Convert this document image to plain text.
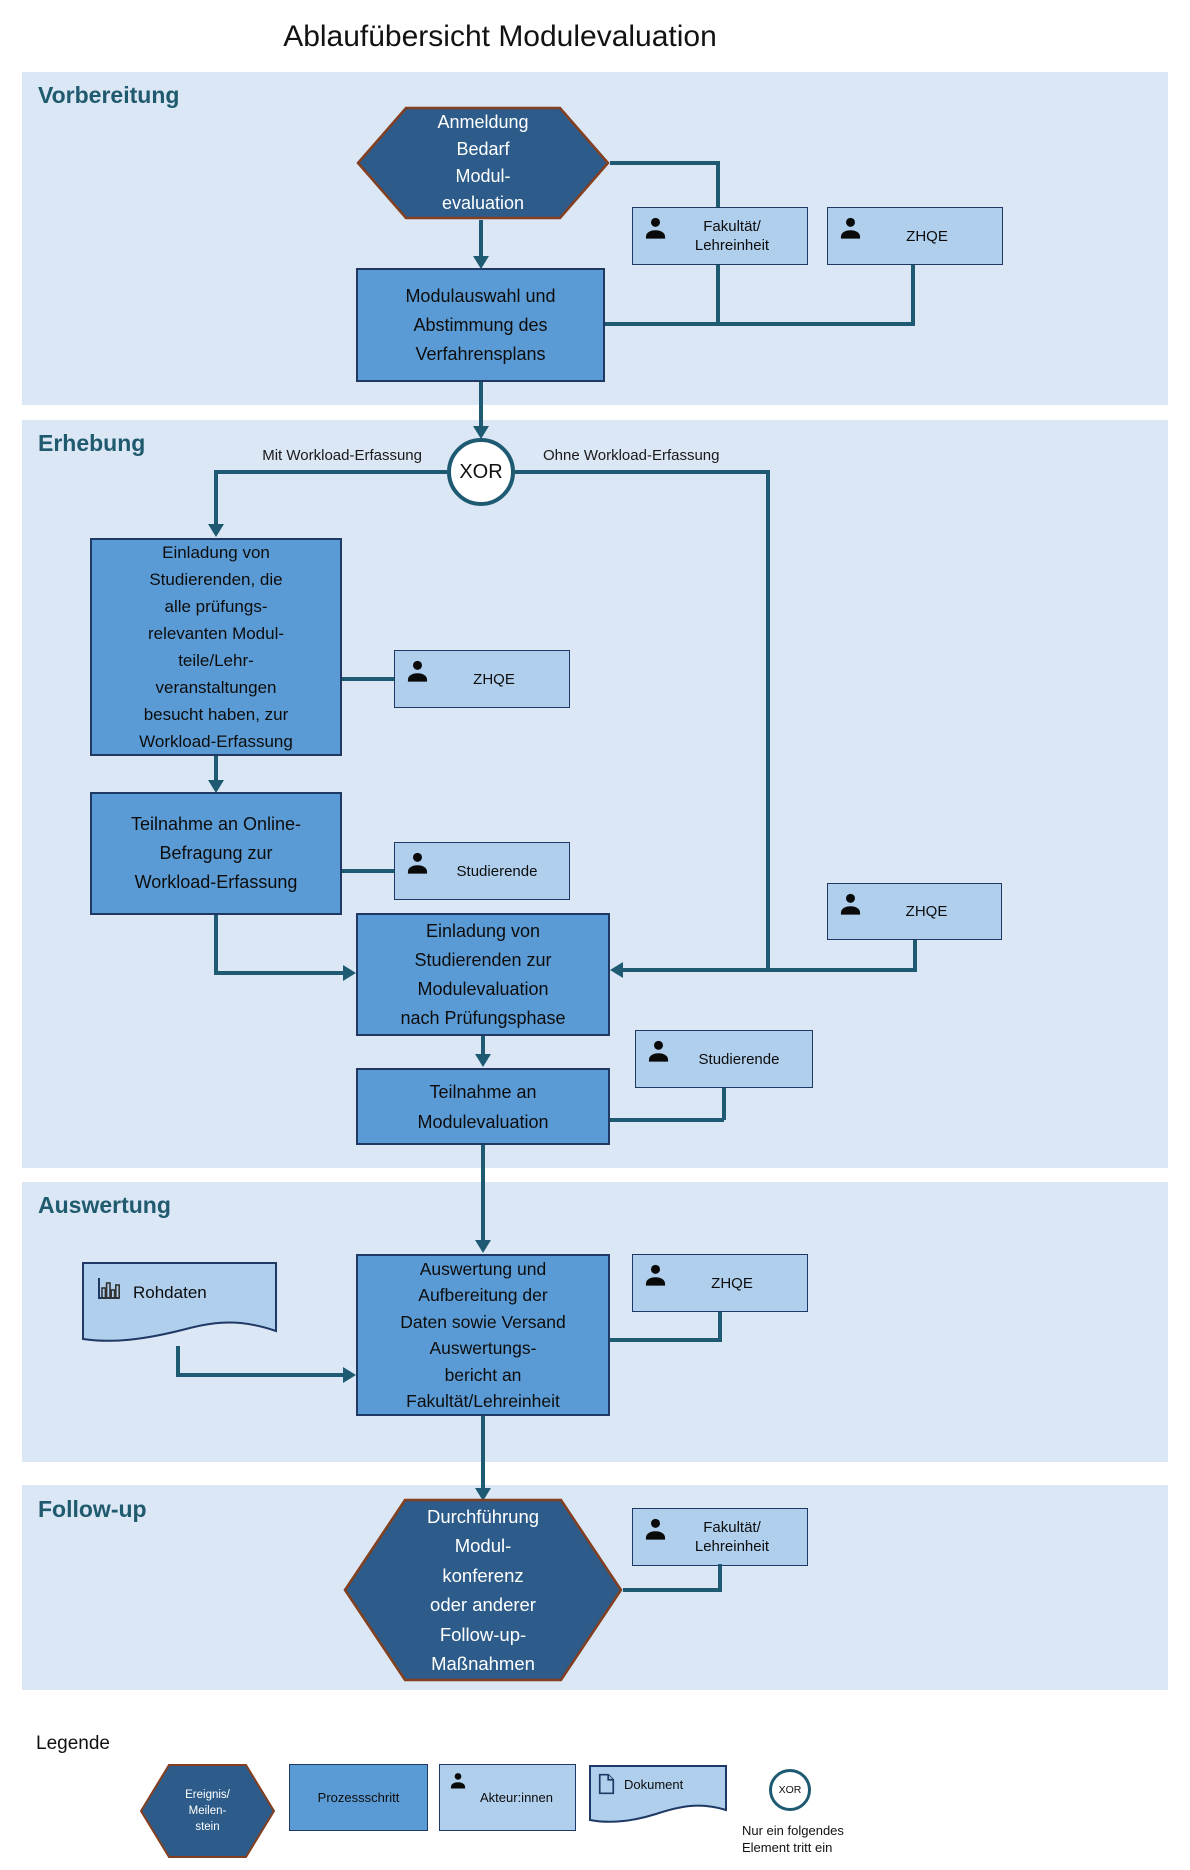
Ablaufübersicht Modulevaluation
Vorbereitung
Erhebung
Auswertung
Follow-up
Anmeldung
Bedarf
Modul-
evaluation
Modulauswahl und
Abstimmung des
Verfahrensplans
Fakultät/
Lehreinheit
ZHQE
XOR
Mit Workload-Erfassung	Ohne Workload-Erfassung
Einladung von
Studierenden, die
alle prüfungs-
relevanten Modul-
teile/Lehr-
veranstaltungen
besucht haben, zur
Workload-Erfassung
ZHQE
Teilnahme an Online-
Befragung zur
Workload-Erfassung
Studierende
Einladung von
Studierenden zur
Modulevaluation
nach Prüfungsphase
ZHQE
Teilnahme an
Modulevaluation
Studierende
Rohdaten
Auswertung und
Aufbereitung der
Daten sowie Versand
Auswertungs-
bericht an
Fakultät/Lehreinheit
ZHQE
Durchführung
Modul-
konferenz
oder anderer
Follow-up-
Maßnahmen
Fakultät/
Lehreinheit
Legende
Ereignis/
Meilen-
stein
Prozessschritt	Akteur:innen
Dokument	XOR
Nur ein folgendes
Element tritt ein
